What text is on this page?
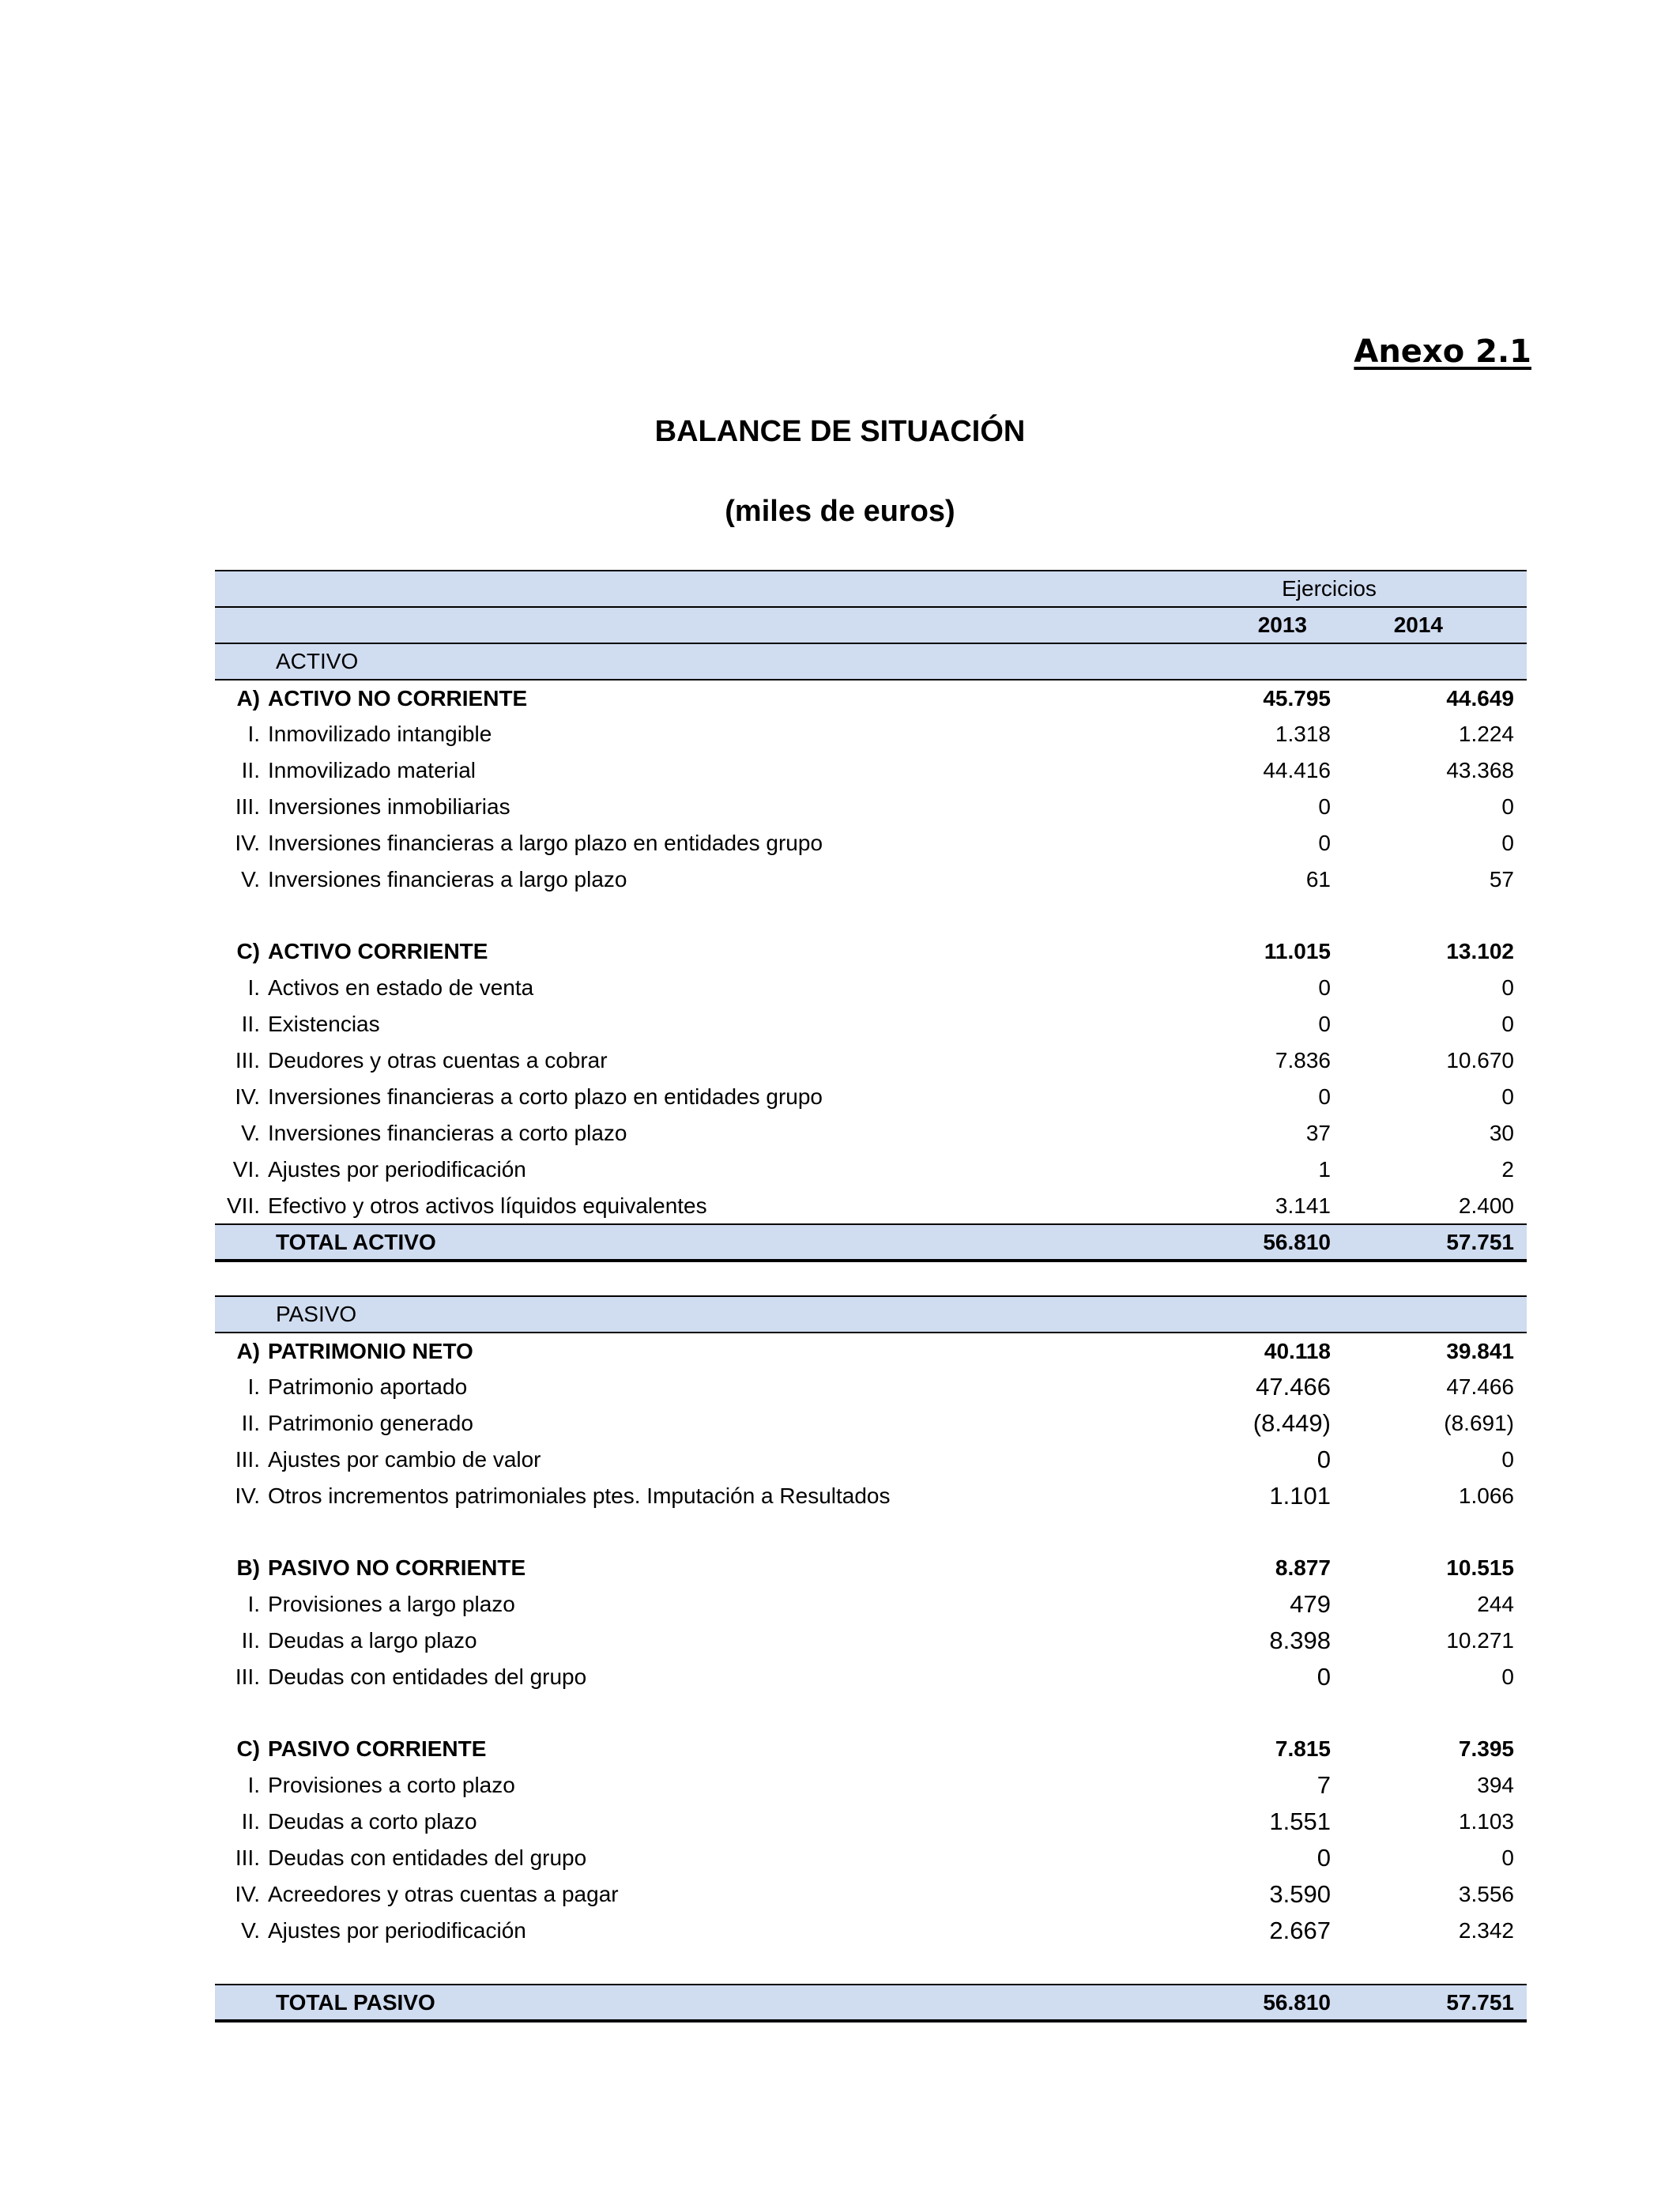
Anexo 2.1
BALANCE DE SITUACIÓN
(miles de euros)
		Ejercicios	
		2013	2014
	ACTIVO		
A)	ACTIVO NO CORRIENTE	45.795	44.649
I.	Inmovilizado intangible	1.318	1.224
II.	Inmovilizado material	44.416	43.368
III.	Inversiones inmobiliarias	0	0
IV.	Inversiones financieras a largo plazo en entidades grupo	0	0
V.	Inversiones financieras a largo plazo	61	57

C)	ACTIVO CORRIENTE	11.015	13.102
I.	Activos en estado de venta	0	0
II.	Existencias	0	0
III.	Deudores y otras cuentas a cobrar	7.836	10.670
IV.	Inversiones financieras a corto plazo en entidades grupo	0	0
V.	Inversiones financieras a corto plazo	37	30
VI.	Ajustes por periodificación	1	2
VII.	Efectivo y otros activos líquidos equivalentes	3.141	2.400
	TOTAL ACTIVO	56.810	57.751

	PASIVO		
A)	PATRIMONIO NETO	40.118	39.841
I.	Patrimonio aportado	47.466	47.466
II.	Patrimonio generado	(8.449)	(8.691)
III.	Ajustes por cambio de valor	0	0
IV.	Otros incrementos patrimoniales ptes. Imputación a Resultados	1.101	1.066

B)	PASIVO NO CORRIENTE	8.877	10.515
I.	Provisiones a largo plazo	479	244
II.	Deudas a largo plazo	8.398	10.271
III.	Deudas con entidades del grupo	0	0

C)	PASIVO CORRIENTE	7.815	7.395
I.	Provisiones a corto plazo	7	394
II.	Deudas a corto plazo	1.551	1.103
III.	Deudas con entidades del grupo	0	0
IV.	Acreedores y otras cuentas a pagar	3.590	3.556
V.	Ajustes por periodificación	2.667	2.342

	TOTAL PASIVO	56.810	57.751
